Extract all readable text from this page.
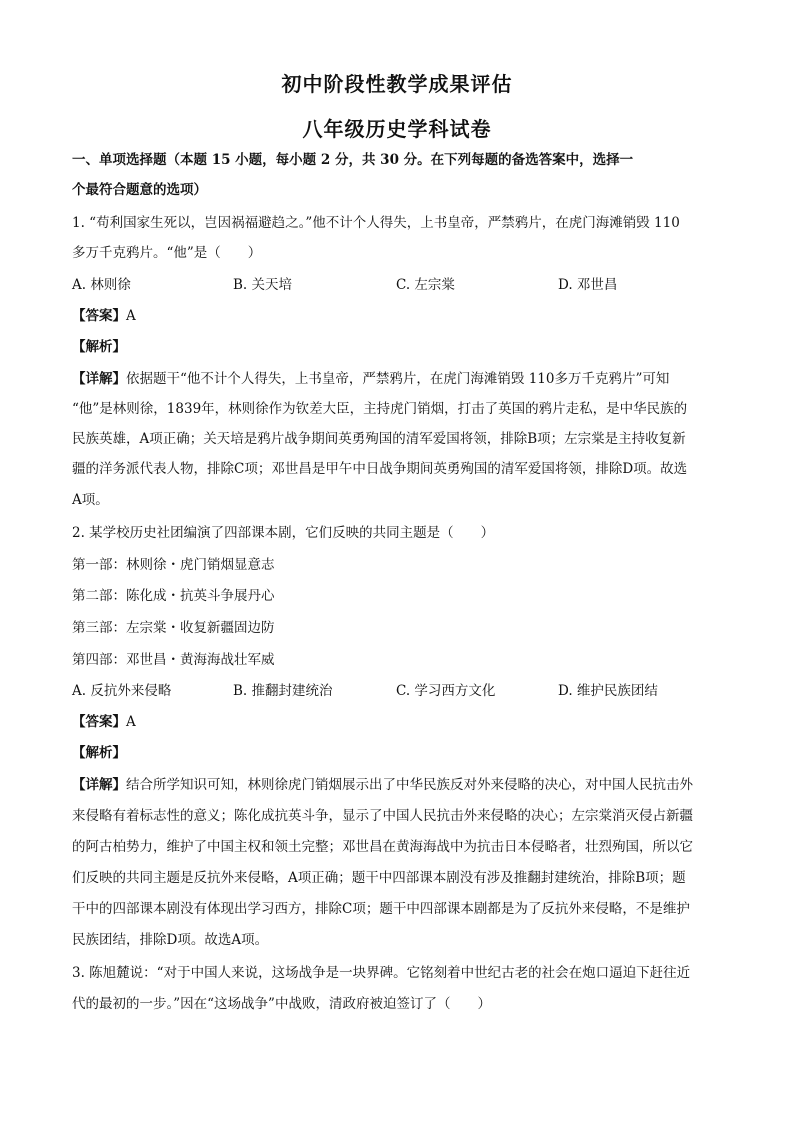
初中阶段性教学成果评估
八年级历史学科试卷
一、单项选择题（本题 15 小题，每小题 2 分，共 30 分。在下列每题的备选答案中，选择一
个最符合题意的选项）
1. “苟利国家生死以，岂因祸福避趋之。”他不计个人得失，上书皇帝，严禁鸦片，在虎门海滩销毁 110
多万千克鸦片。“他”是（　　）
A. 林则徐	B. 关天培	C. 左宗棠	D. 邓世昌
【答案】A
【解析】
【详解】依据题干“他不计个人得失，上书皇帝，严禁鸦片，在虎门海滩销毁 110多万千克鸦片”可知
“他”是林则徐，1839年，林则徐作为钦差大臣，主持虎门销烟，打击了英国的鸦片走私，是中华民族的
民族英雄，A项正确；关天培是鸦片战争期间英勇殉国的清军爱国将领，排除B项；左宗棠是主持收复新
疆的洋务派代表人物，排除C项；邓世昌是甲午中日战争期间英勇殉国的清军爱国将领，排除D项。故选
A项。
2. 某学校历史社团编演了四部课本剧，它们反映的共同主题是（　　）
第一部：林则徐・虎门销烟显意志
第二部：陈化成・抗英斗争展丹心
第三部：左宗棠・收复新疆固边防
第四部：邓世昌・黄海海战壮军威
A. 反抗外来侵略	B. 推翻封建统治	C. 学习西方文化	D. 维护民族团结
【答案】A
【解析】
【详解】结合所学知识可知，林则徐虎门销烟展示出了中华民族反对外来侵略的决心，对中国人民抗击外
来侵略有着标志性的意义；陈化成抗英斗争，显示了中国人民抗击外来侵略的决心；左宗棠消灭侵占新疆
的阿古柏势力，维护了中国主权和领土完整；邓世昌在黄海海战中为抗击日本侵略者，壮烈殉国，所以它
们反映的共同主题是反抗外来侵略，A项正确；题干中四部课本剧没有涉及推翻封建统治，排除B项；题
干中的四部课本剧没有体现出学习西方，排除C项；题干中四部课本剧都是为了反抗外来侵略，不是维护
民族团结，排除D项。故选A项。
3. 陈旭麓说：“对于中国人来说，这场战争是一块界碑。它铭刻着中世纪古老的社会在炮口逼迫下赶往近
代的最初的一步。”因在“这场战争”中战败，清政府被迫签订了（　　）
